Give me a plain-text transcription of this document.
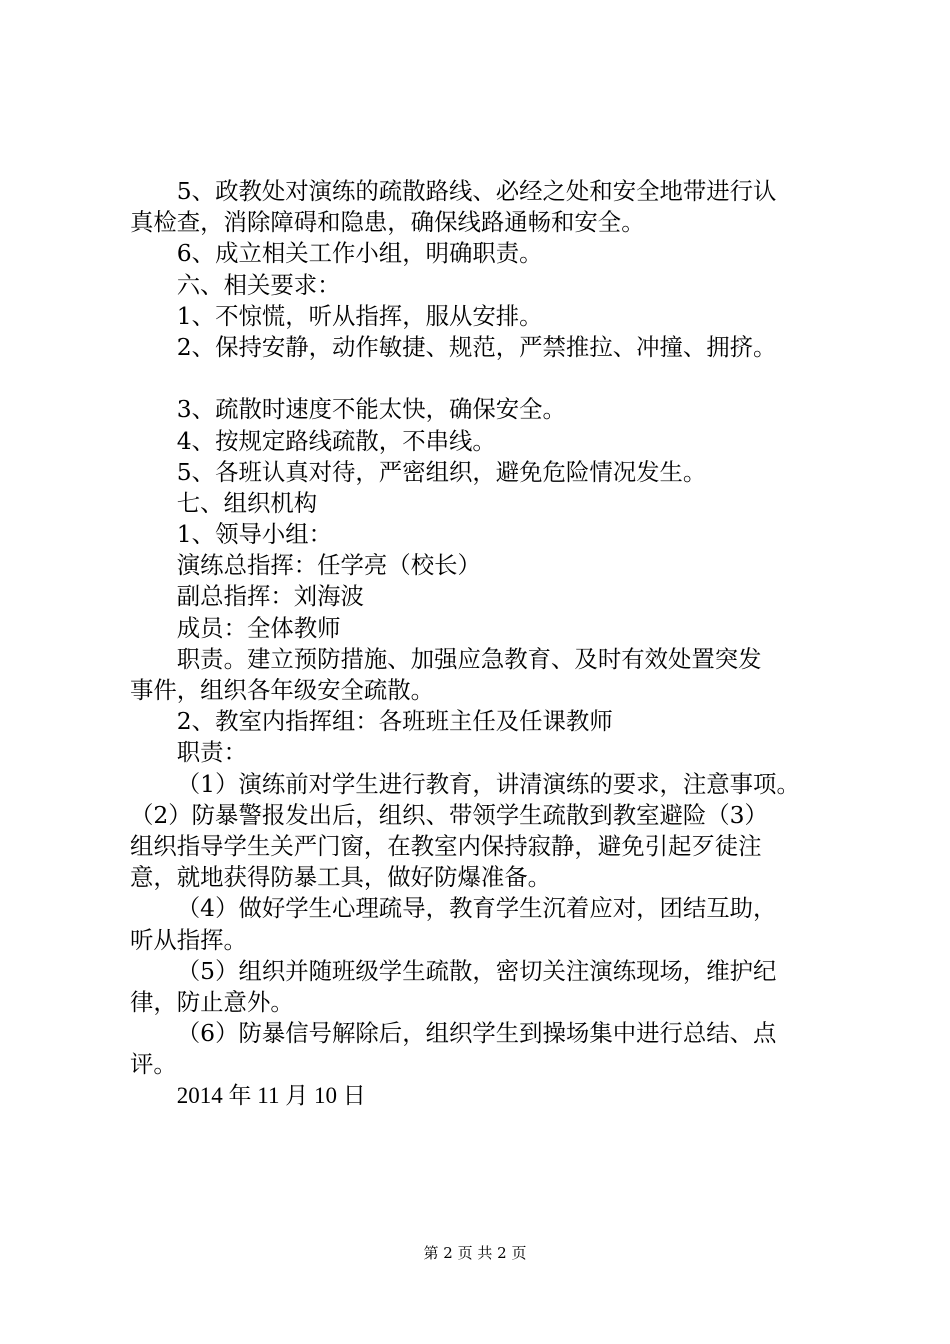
5、政教处对演练的疏散路线、必经之处和安全地带进行认
真检查，消除障碍和隐患，确保线路通畅和安全。
6、成立相关工作小组，明确职责。
六、相关要求：
1、不惊慌，听从指挥，服从安排。
2、保持安静，动作敏捷、规范，严禁推拉、冲撞、拥挤。
3、疏散时速度不能太快，确保安全。
4、按规定路线疏散，不串线。
5、各班认真对待，严密组织，避免危险情况发生。
七、组织机构
1、领导小组：
演练总指挥：任学亮（校长）
副总指挥：刘海波
成员：全体教师
职责。建立预防措施、加强应急教育、及时有效处置突发
事件，组织各年级安全疏散。
2、教室内指挥组：各班班主任及任课教师
职责：
（1）演练前对学生进行教育，讲清演练的要求，注意事项。
（2）防暴警报发出后，组织、带领学生疏散到教室避险（3）
组织指导学生关严门窗，在教室内保持寂静，避免引起歹徒注
意，就地获得防暴工具，做好防爆准备。
（4）做好学生心理疏导，教育学生沉着应对，团结互助，
听从指挥。
（5）组织并随班级学生疏散，密切关注演练现场，维护纪
律，防止意外。
（6）防暴信号解除后，组织学生到操场集中进行总结、点
评。
2014 年 11 月 10 日
第 2 页 共 2 页
